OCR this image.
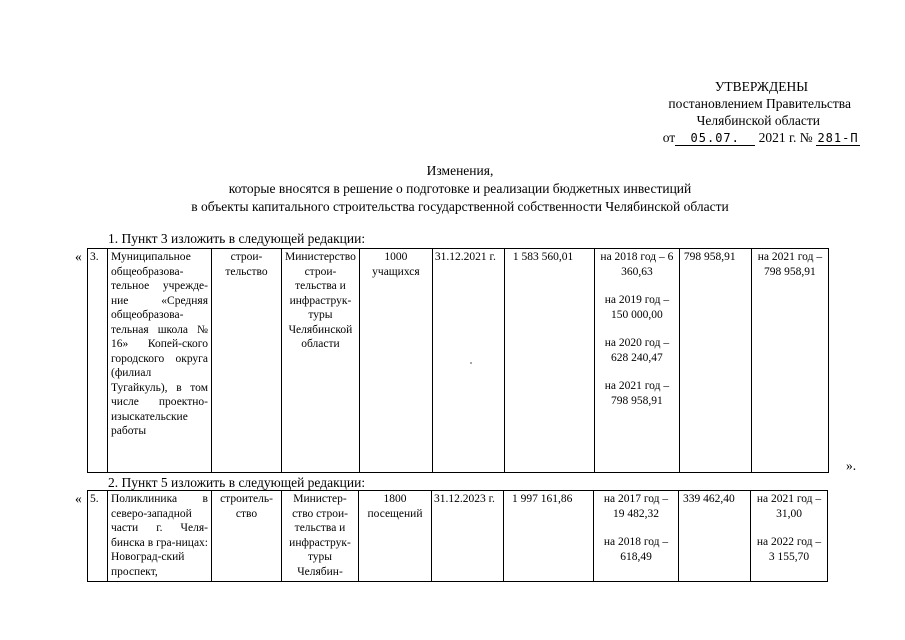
УТВЕРЖДЕНЫ
постановлением Правительства
Челябинской области
от 05.07. 2021 г. № 281-П
Изменения,
которые вносятся в решение о подготовке и реализации бюджетных инвестиций
в объекты капитального строительства государственной собственности Челябинской области
1. Пункт 3 изложить в следующей редакции:
« 3.	Муниципальное общеобразова-тельное учрежде-ние «Средняя общеобразова-тельная школа № 16» Копей-ского городского округа (филиал Тугайкуль), в том числе проектно-изыскательские работы	строи-тельство	Министерство строи-тельства и инфраструк-туры Челябинской области	1000 учащихся	31.12.2021 г.	1 583 560,01	на 2018 год – 6 360,63
на 2019 год – 150 000,00
на 2020 год – 628 240,47
на 2021 год – 798 958,91
	798 958,91	на 2021 год – 798 958,91
».
2. Пункт 5 изложить в следующей редакции:
« 5.	Поликлиника в северо-западной части г. Челя-бинска в гра-ницах: Новоград-ский проспект,	строитель-ство	Министер-ство строи-тельства и инфраструк-туры Челябин-	1800 посещений	31.12.2023 г.	1 997 161,86	на 2017 год – 19 482,32
на 2018 год – 618,49
	339 462,40	на 2021 год – 31,00
на 2022 год – 3 155,70
